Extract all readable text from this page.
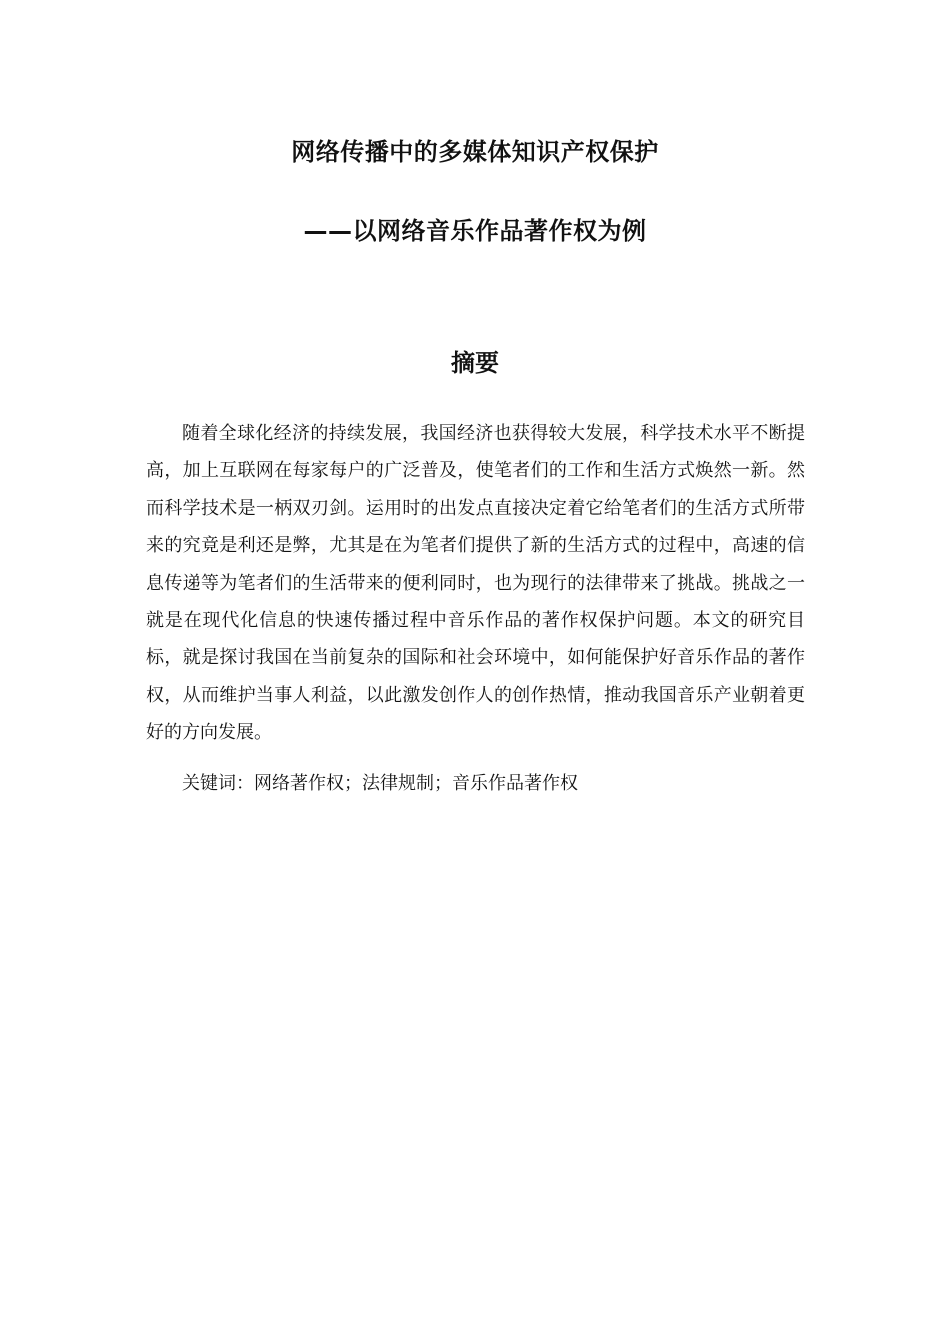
网络传播中的多媒体知识产权保护
——以网络音乐作品著作权为例
摘要

随着全球化经济的持续发展，我国经济也获得较大发展，科学技术水平不断提高，加上互联网在每家每户的广泛普及，使笔者们的工作和生活方式焕然一新。然而科学技术是一柄双刃剑。运用时的出发点直接决定着它给笔者们的生活方式所带来的究竟是利还是弊，尤其是在为笔者们提供了新的生活方式的过程中，高速的信息传递等为笔者们的生活带来的便利同时，也为现行的法律带来了挑战。挑战之一就是在现代化信息的快速传播过程中音乐作品的著作权保护问题。本文的研究目标，就是探讨我国在当前复杂的国际和社会环境中，如何能保护好音乐作品的著作权，从而维护当事人利益，以此激发创作人的创作热情，推动我国音乐产业朝着更好的方向发展。

关键词：网络著作权；法律规制；音乐作品著作权
